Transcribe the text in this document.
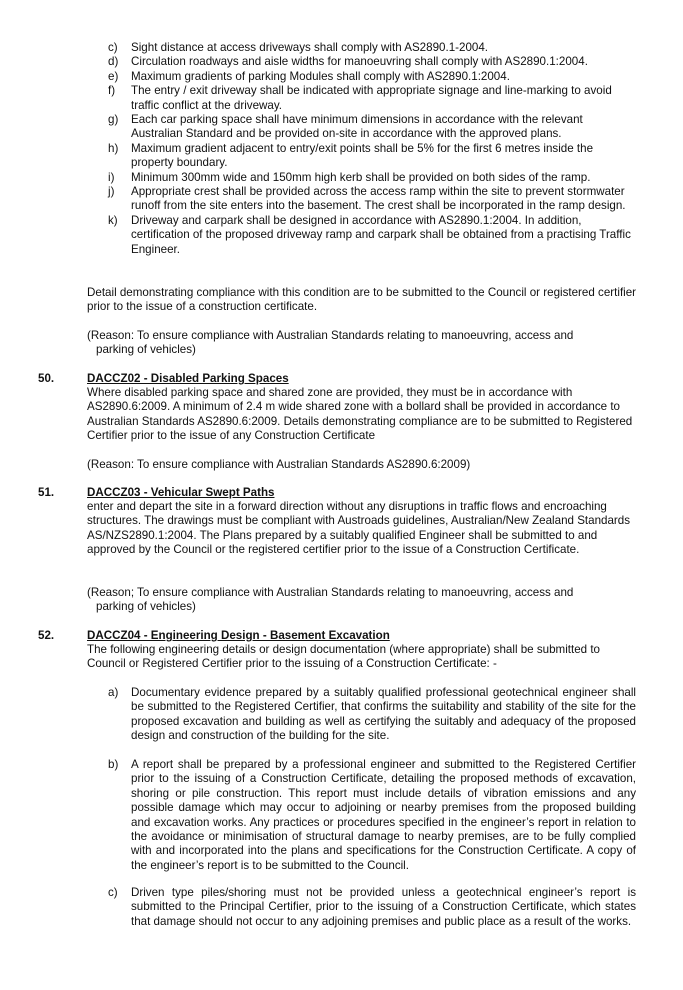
c) Sight distance at access driveways shall comply with AS2890.1-2004.
d) Circulation roadways and aisle widths for manoeuvring shall comply with AS2890.1:2004.
e) Maximum gradients of parking Modules shall comply with AS2890.1:2004.
f) The entry / exit driveway shall be indicated with appropriate signage and line-marking to avoid traffic conflict at the driveway.
g) Each car parking space shall have minimum dimensions in accordance with the relevant Australian Standard and be provided on-site in accordance with the approved plans.
h) Maximum gradient adjacent to entry/exit points shall be 5% for the first 6 metres inside the property boundary.
i) Minimum 300mm wide and 150mm high kerb shall be provided on both sides of the ramp.
j) Appropriate crest shall be provided across the access ramp within the site to prevent stormwater runoff from the site enters into the basement. The crest shall be incorporated in the ramp design.
k) Driveway and carpark shall be designed in accordance with AS2890.1:2004. In addition, certification of the proposed driveway ramp and carpark shall be obtained from a practising Traffic Engineer.
Detail demonstrating compliance with this condition are to be submitted to the Council or registered certifier prior to the issue of a construction certificate.
(Reason: To ensure compliance with Australian Standards relating to manoeuvring, access and
parking of vehicles)
50.	DACCZ02 - Disabled Parking Spaces
Where disabled parking space and shared zone are provided, they must be in accordance with AS2890.6:2009. A minimum of 2.4 m wide shared zone with a bollard shall be provided in accordance to Australian Standards AS2890.6:2009. Details demonstrating compliance are to be submitted to Registered Certifier prior to the issue of any Construction Certificate
(Reason: To ensure compliance with Australian Standards AS2890.6:2009)
51.	DACCZ03 - Vehicular Swept Paths
enter and depart the site in a forward direction without any disruptions in traffic flows and encroaching structures. The drawings must be compliant with Austroads guidelines, Australian/New Zealand Standards AS/NZS2890.1:2004. The Plans prepared by a suitably qualified Engineer shall be submitted to and approved by the Council or the registered certifier prior to the issue of a Construction Certificate.
(Reason; To ensure compliance with Australian Standards relating to manoeuvring, access and
parking of vehicles)
52.	DACCZ04 - Engineering Design - Basement Excavation
The following engineering details or design documentation (where appropriate) shall be submitted to Council or Registered Certifier prior to the issuing of a Construction Certificate: -
a) Documentary evidence prepared by a suitably qualified professional geotechnical engineer shall be submitted to the Registered Certifier, that confirms the suitability and stability of the site for the proposed excavation and building as well as certifying the suitably and adequacy of the proposed design and construction of the building for the site.
b) A report shall be prepared by a professional engineer and submitted to the Registered Certifier prior to the issuing of a Construction Certificate, detailing the proposed methods of excavation, shoring or pile construction. This report must include details of vibration emissions and any possible damage which may occur to adjoining or nearby premises from the proposed building and excavation works. Any practices or procedures specified in the engineer’s report in relation to the avoidance or minimisation of structural damage to nearby premises, are to be fully complied with and incorporated into the plans and specifications for the Construction Certificate. A copy of the engineer’s report is to be submitted to the Council.
c) Driven type piles/shoring must not be provided unless a geotechnical engineer’s report is submitted to the Principal Certifier, prior to the issuing of a Construction Certificate, which states that damage should not occur to any adjoining premises and public place as a result of the works.
